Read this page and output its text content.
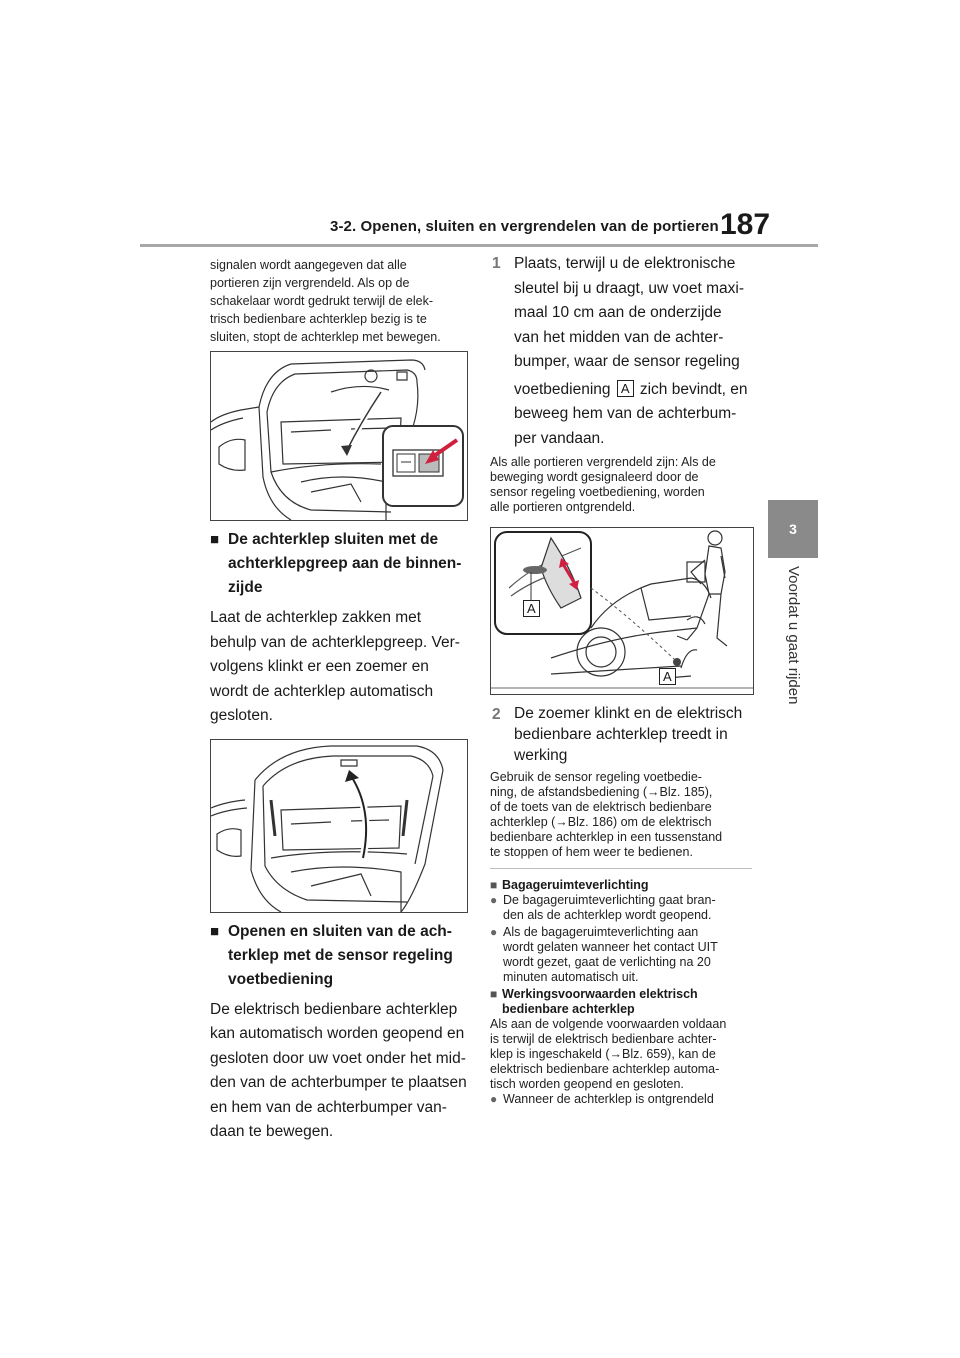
3-2. Openen, sluiten en vergrendelen van de portieren 187
3
Voordat u gaat rijden
signalen wordt aangegeven dat alle
portieren zijn vergrendeld. Als op de
schakelaar wordt gedrukt terwijl de elek-
trisch bedienbare achterklep bezig is te
sluiten, stopt de achterklep met bewegen.
■ De achterklep sluiten met de
achterklepgreep aan de binnen-
zijde
Laat de achterklep zakken met
behulp van de achterklepgreep. Ver-
volgens klinkt er een zoemer en
wordt de achterklep automatisch
gesloten.
■ Openen en sluiten van de ach-
terklep met de sensor regeling
voetbediening
De elektrisch bedienbare achterklep
kan automatisch worden geopend en
gesloten door uw voet onder het mid-
den van de achterbumper te plaatsen
en hem van de achterbumper van-
daan te bewegen.
1 Plaats, terwijl u de elektronische
sleutel bij u draagt, uw voet maxi-
maal 10 cm aan de onderzijde
van het midden van de achter-
bumper, waar de sensor regeling
voetbediening A zich bevindt, en
beweeg hem van de achterbum-
per vandaan.
Als alle portieren vergrendeld zijn: Als de
beweging wordt gesignaleerd door de
sensor regeling voetbediening, worden
alle portieren ontgrendeld.
A
A
2 De zoemer klinkt en de elektrisch
bedienbare achterklep treedt in
werking
Gebruik de sensor regeling voetbedie-
ning, de afstandsbediening (→Blz. 185),
of de toets van de elektrisch bedienbare
achterklep (→Blz. 186) om de elektrisch
bedienbare achterklep in een tussenstand
te stoppen of hem weer te bedienen.
■ Bagageruimteverlichting
● De bagageruimteverlichting gaat bran-
den als de achterklep wordt geopend.
● Als de bagageruimteverlichting aan
wordt gelaten wanneer het contact UIT
wordt gezet, gaat de verlichting na 20
minuten automatisch uit.
■ Werkingsvoorwaarden elektrisch
bedienbare achterklep
Als aan de volgende voorwaarden voldaan
is terwijl de elektrisch bedienbare achter-
klep is ingeschakeld (→Blz. 659), kan de
elektrisch bedienbare achterklep automa-
tisch worden geopend en gesloten.
● Wanneer de achterklep is ontgrendeld
